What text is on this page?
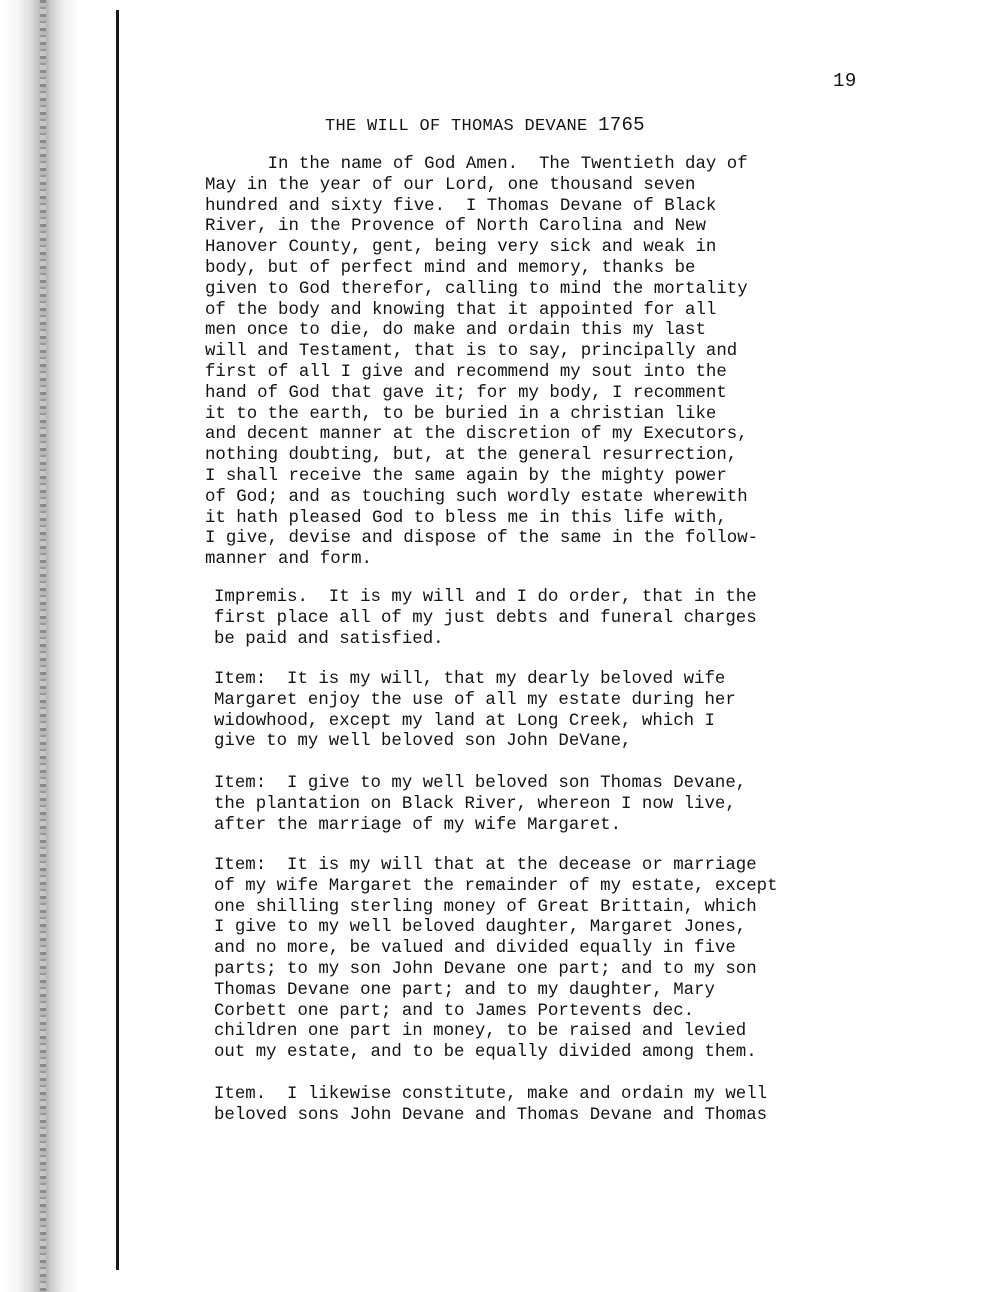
19
THE WILL OF THOMAS DEVANE 1765
In the name of God Amen.  The Twentieth day of
May in the year of our Lord, one thousand seven
hundred and sixty five.  I Thomas Devane of Black
River, in the Provence of North Carolina and New
Hanover County, gent, being very sick and weak in
body, but of perfect mind and memory, thanks be
given to God therefor, calling to mind the mortality
of the body and knowing that it appointed for all
men once to die, do make and ordain this my last
will and Testament, that is to say, principally and
first of all I give and recommend my sout into the
hand of God that gave it; for my body, I recomment
it to the earth, to be buried in a christian like
and decent manner at the discretion of my Executors,
nothing doubting, but, at the general resurrection,
I shall receive the same again by the mighty power
of God; and as touching such wordly estate wherewith
it hath pleased God to bless me in this life with,
I give, devise and dispose of the same in the follow-
manner and form.
Impremis.  It is my will and I do order, that in the
first place all of my just debts and funeral charges
be paid and satisfied.
Item:  It is my will, that my dearly beloved wife
Margaret enjoy the use of all my estate during her
widowhood, except my land at Long Creek, which I
give to my well beloved son John DeVane,
Item:  I give to my well beloved son Thomas Devane,
the plantation on Black River, whereon I now live,
after the marriage of my wife Margaret.
Item:  It is my will that at the decease or marriage
of my wife Margaret the remainder of my estate, except
one shilling sterling money of Great Brittain, which
I give to my well beloved daughter, Margaret Jones,
and no more, be valued and divided equally in five
parts; to my son John Devane one part; and to my son
Thomas Devane one part; and to my daughter, Mary
Corbett one part; and to James Portevents dec.
children one part in money, to be raised and levied
out my estate, and to be equally divided among them.
Item.  I likewise constitute, make and ordain my well
beloved sons John Devane and Thomas Devane and Thomas
